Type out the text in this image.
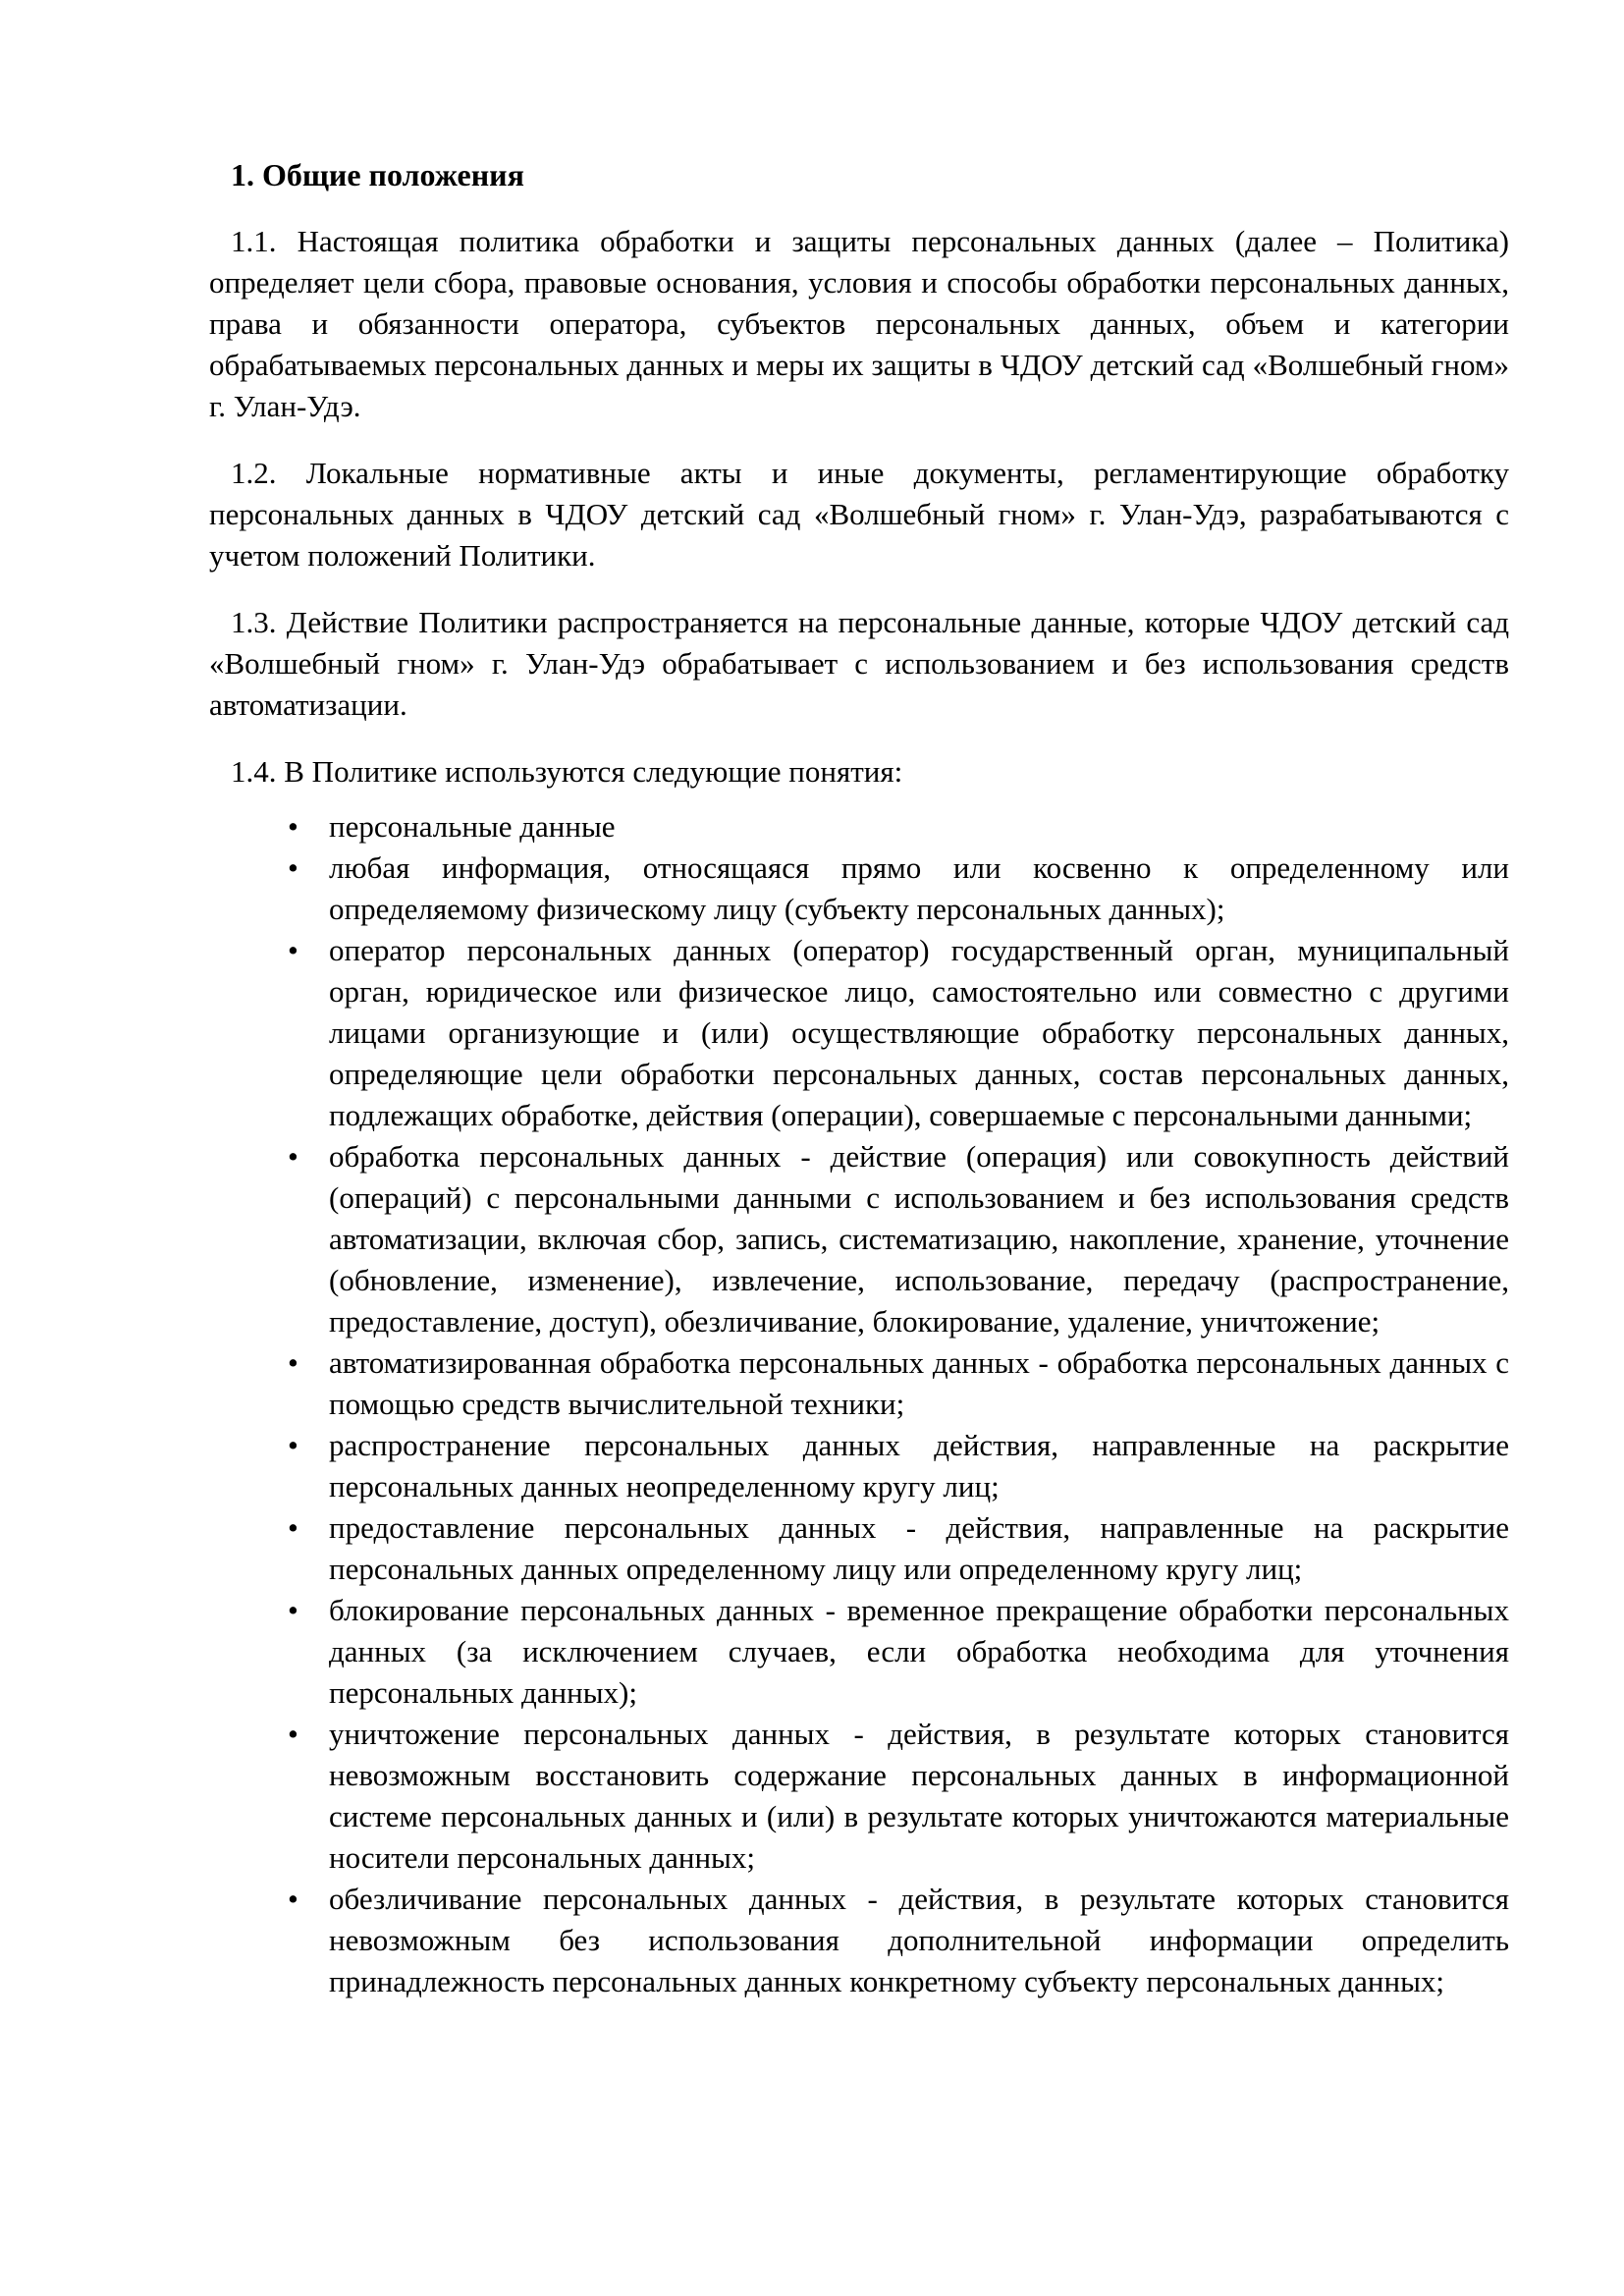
1. Общие положения

1.1. Настоящая политика обработки и защиты персональных данных (далее – Политика) определяет цели сбора, правовые основания, условия и способы обработки персональных данных, права и обязанности оператора, субъектов персональных данных, объем и категории обрабатываемых персональных данных и меры их защиты в ЧДОУ детский сад «Волшебный гном» г. Улан-Удэ.

1.2. Локальные нормативные акты и иные документы, регламентирующие обработку персональных данных в ЧДОУ детский сад «Волшебный гном» г. Улан-Удэ, разрабатываются с учетом положений Политики.

1.3. Действие Политики распространяется на персональные данные, которые ЧДОУ детский сад «Волшебный гном» г. Улан-Удэ обрабатывает с использованием и без использования средств автоматизации.

1.4. В Политике используются следующие понятия:

• персональные данные
• любая информация, относящаяся прямо или косвенно к определенному или определяемому физическому лицу (субъекту персональных данных);
• оператор персональных данных (оператор) государственный орган, муниципальный орган, юридическое или физическое лицо, самостоятельно или совместно с другими лицами организующие и (или) осуществляющие обработку персональных данных, определяющие цели обработки персональных данных, состав персональных данных, подлежащих обработке, действия (операции), совершаемые с персональными данными;
• обработка персональных данных - действие (операция) или совокупность действий (операций) с персональными данными с использованием и без использования средств автоматизации, включая сбор, запись, систематизацию, накопление, хранение, уточнение (обновление, изменение), извлечение, использование, передачу (распространение, предоставление, доступ), обезличивание, блокирование, удаление, уничтожение;
• автоматизированная обработка персональных данных - обработка персональных данных с помощью средств вычислительной техники;
• распространение персональных данных действия, направленные на раскрытие персональных данных неопределенному кругу лиц;
• предоставление персональных данных - действия, направленные на раскрытие персональных данных определенному лицу или определенному кругу лиц;
• блокирование персональных данных - временное прекращение обработки персональных данных (за исключением случаев, если обработка необходима для уточнения персональных данных);
• уничтожение персональных данных - действия, в результате которых становится невозможным восстановить содержание персональных данных в информационной системе персональных данных и (или) в результате которых уничтожаются материальные носители персональных данных;
• обезличивание персональных данных - действия, в результате которых становится невозможным без использования дополнительной информации определить принадлежность персональных данных конкретному субъекту персональных данных;
